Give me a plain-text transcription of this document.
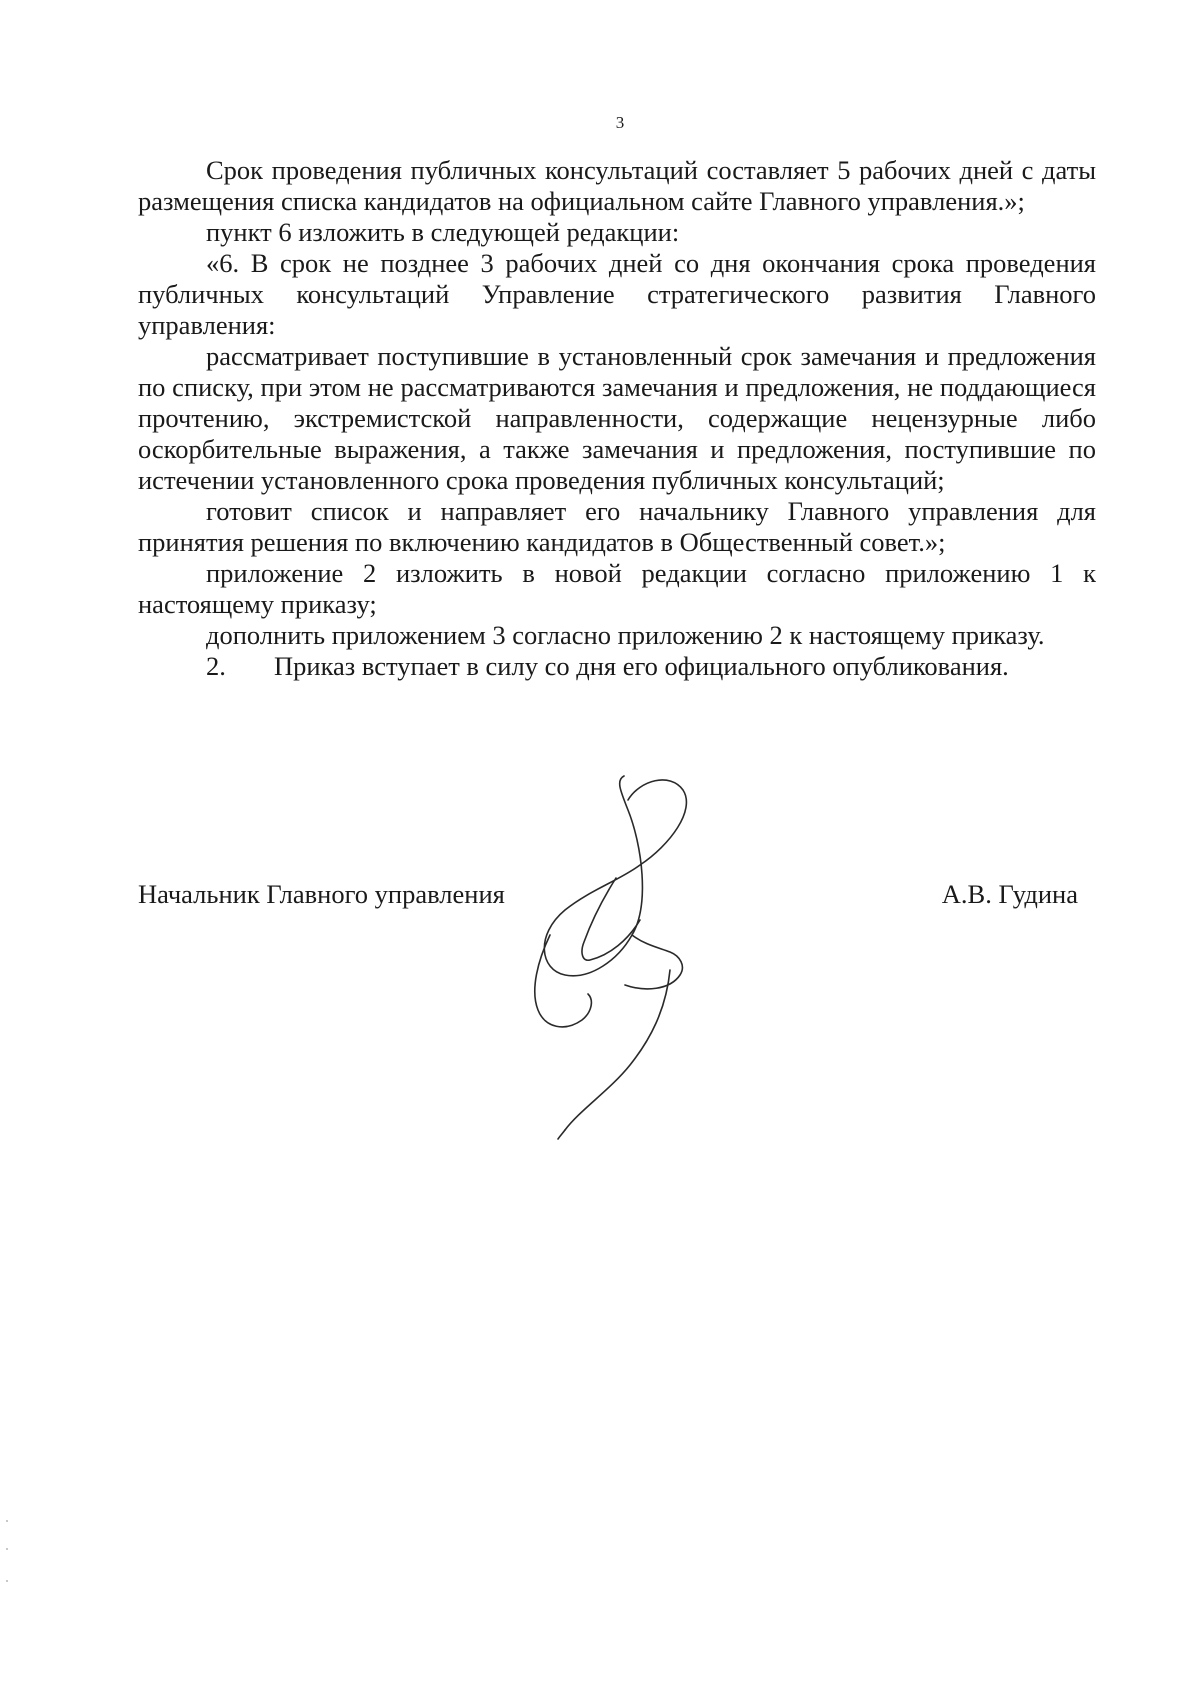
3

Срок проведения публичных консультаций составляет 5 рабочих дней с даты размещения списка кандидатов на официальном сайте Главного управления.»;

пункт 6 изложить в следующей редакции:

«6. В срок не позднее 3 рабочих дней со дня окончания срока проведения публичных консультаций Управление стратегического развития Главного управления:

рассматривает поступившие в установленный срок замечания и предложения по списку, при этом не рассматриваются замечания и предложения, не поддающиеся прочтению, экстремистской направленности, содержащие нецензурные либо оскорбительные выражения, а также замечания и предложения, поступившие по истечении установленного срока проведения публичных консультаций;

готовит список и направляет его начальнику Главного управления для принятия решения по включению кандидатов в Общественный совет.»;

приложение 2 изложить в новой редакции согласно приложению 1 к настоящему приказу;

дополнить приложением 3 согласно приложению 2 к настоящему приказу.

2. Приказ вступает в силу со дня его официального опубликования.

Начальник Главного управления	А.В. Гудина
